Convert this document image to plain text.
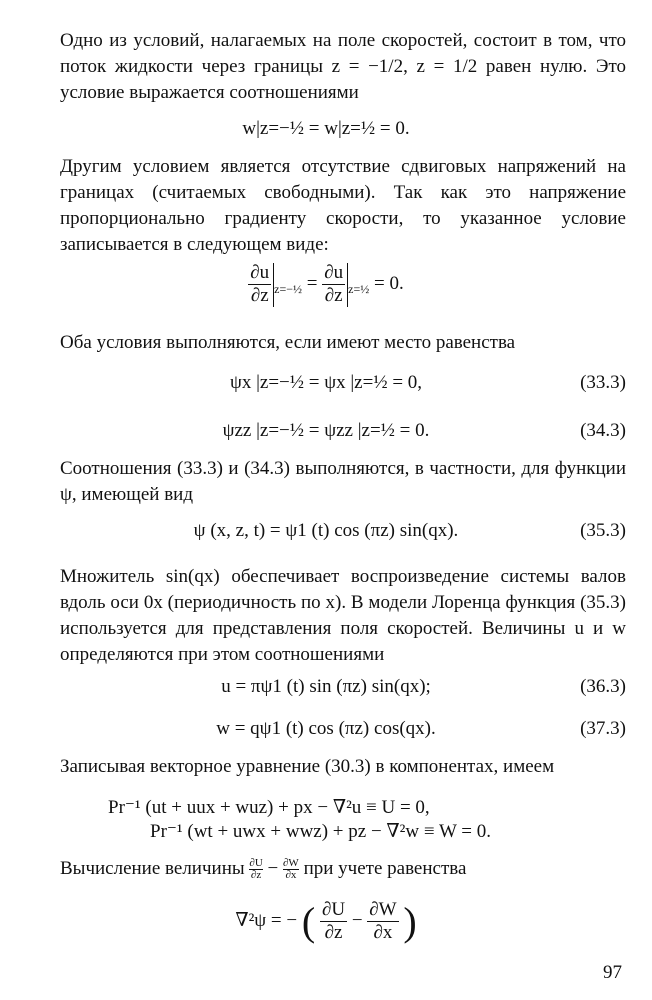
Одно из условий, налагаемых на поле скоростей, состоит в том, что поток жидкости через границы z = −1/2, z = 1/2 равен нулю. Это условие выражается соотношениями

w|z=−½ = w|z=½ = 0.

Другим условием является отсутствие сдвиговых напряжений на границах (считаемых свободными). Так как это напряжение пропорционально градиенту скорости, то указанное условие записывается в следующем виде:

$\frac{\partial u}{\partial z} _{z=-\frac{1}{2}} = \frac{\partial u}{\partial z} _{z=\frac{1}{2}} = 0$.

Оба условия выполняются, если имеют место равенства

ψx |z=−½ = ψx |z=½ = 0,	(33.3)
ψzz |z=−½ = ψzz |z=½ = 0.	(34.3)

Соотношения (33.3) и (34.3) выполняются, в частности, для функции ψ, имеющей вид

ψ (x, z, t) = ψ1 (t) cos (πz) sin(qx).	(35.3)

Множитель sin(qx) обеспечивает воспроизведение системы валов вдоль оси 0x (периодичность по x). В модели Лоренца функция (35.3) используется для представления поля скоростей. Величины u и w определяются при этом соотношениями

u = πψ1 (t) sin (πz) sin(qx);	(36.3)
w = qψ1 (t) cos (πz) cos(qx).	(37.3)

Записывая векторное уравнение (30.3) в компонентах, имеем

Pr⁻¹ (ut + uux + wuz) + px − ∇²u ≡ U = 0,
Pr⁻¹ (wt + uwx + wwz) + pz − ∇²w ≡ W = 0.

Вычисление величины $\frac{\partial U}{\partial z} - \frac{\partial W}{\partial x}$ при учете равенства

∇²ψ = − ( $\frac{\partial U}{\partial z} - \frac{\partial W}{\partial x}$ )
97
